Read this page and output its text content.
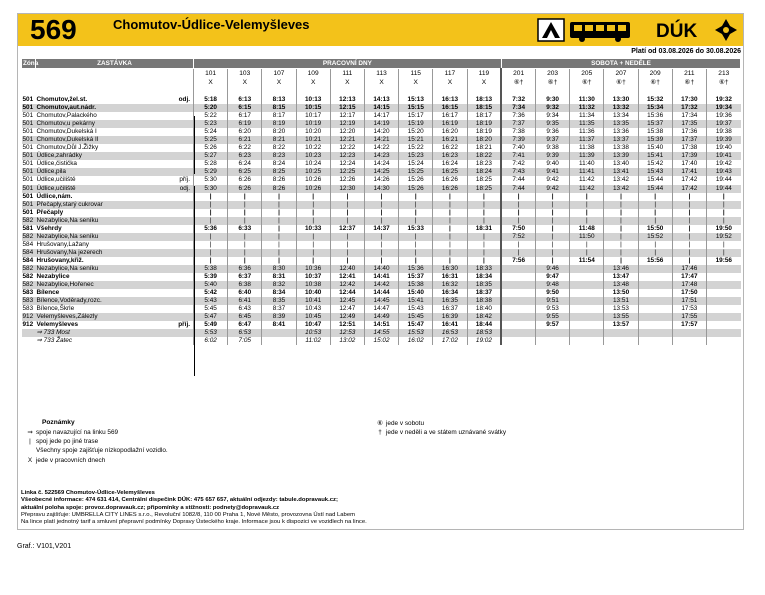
569	Chomutov-Údlice-Velemyšleves	DÚK
Platí od 03.08.2026 do 30.08.2026
Zóna	ZASTÁVKA	PRACOVNÍ DNY									SOBOTA + NEDĚLE						
		101	103	107	109	111	113	115	117	119	201	203	205	207	209	211	213
		X	X	X	X	X	X	X	X	X	⑥†	⑥†	⑥†	⑥†	⑥†	⑥†	⑥†

501	Chomutov,žel.st. odj.	5:18	6:13	8:13	10:13	12:13	14:13	15:13	16:13	18:13	7:32	9:30	11:30	13:30	15:32	17:30	19:32
501	Chomutov,aut.nádr.	5:20	6:15	8:15	10:15	12:15	14:15	15:15	16:15	18:15	7:34	9:32	11:32	13:32	15:34	17:32	19:34
501	Chomutov,Palackého	5:22	6:17	8:17	10:17	12:17	14:17	15:17	16:17	18:17	7:36	9:34	11:34	13:34	15:36	17:34	19:36
501	Chomutov,u pekárny	5:23	6:19	8:19	10:19	12:19	14:19	15:19	16:19	18:19	7:37	9:35	11:35	13:35	15:37	17:35	19:37
501	Chomutov,Dukelská I	5:24	6:20	8:20	10:20	12:20	14:20	15:20	16:20	18:19	7:38	9:36	11:36	13:36	15:38	17:36	19:38
501	Chomutov,Dukelská II	5:25	6:21	8:21	10:21	12:21	14:21	15:21	16:21	18:20	7:39	9:37	11:37	13:37	15:39	17:37	19:39
501	Chomutov,Důl J.Žižky	5:26	6:22	8:22	10:22	12:22	14:22	15:22	16:22	18:21	7:40	9:38	11:38	13:38	15:40	17:38	19:40
501	Údlice,zahrádky	5:27	6:23	8:23	10:23	12:23	14:23	15:23	16:23	18:22	7:41	9:39	11:39	13:39	15:41	17:39	19:41
501	Údlice,čističkа	5:28	6:24	8:24	10:24	12:24	14:24	15:24	16:24	18:23	7:42	9:40	11:40	13:40	15:42	17:40	19:42
501	Údlice,pila	5:29	6:25	8:25	10:25	12:25	14:25	15:25	16:25	18:24	7:43	9:41	11:41	13:41	15:43	17:41	19:43
501	Údlice,učiliště příj.	5:30	6:26	8:26	10:26	12:26	14:26	15:26	16:26	18:25	7:44	9:42	11:42	13:42	15:44	17:42	19:44
501	Údlice,učiliště odj.	5:30	6:26	8:26	10:26	12:30	14:30	15:26	16:26	18:25	7:44	9:42	11:42	13:42	15:44	17:42	19:44
501	Údlice,nám.	|	|	|	|	|	|	|	|	|	|	|	|	|	|	|	|
501	Přečaply,starý cukrovar	|	|	|	|	|	|	|	|	|	|	|	|	|	|	|	|
501	Přečaply	|	|	|	|	|	|	|	|	|	|	|	|	|	|	|	|
582	Nezabylice,Na seníku	|	|	|	|	|	|	|	|	|	|	|	|	|	|	|	|
581	Všehrdy	5:36	6:33	|	10:33	12:37	14:37	15:33	|	18:31	7:50	|	11:48	|	15:50	|	19:50
582	Nezabylice,Na seníku	|	|	|	|	|	|	|	|	|	7:52	|	11:50	|	15:52	|	19:52
584	Hrušovany,Lažany	|	|	|	|	|	|	|	|	|	|	|	|	|	|	|	|
584	Hrušovany,Na jezerech	|	|	|	|	|	|	|	|	|	|	|	|	|	|	|	|
584	Hrušovany,křiž.	|	|	|	|	|	|	|	|	|	7:56	|	11:54	|	15:56	|	19:56
582	Nezabylice,Na seníku	5:38	6:36	8:30	10:36	12:40	14:40	15:36	16:30	18:33		9:46		13:46		17:46	
582	Nezabylice	5:39	6:37	8:31	10:37	12:41	14:41	15:37	16:31	18:34		9:47		13:47		17:47	
582	Nezabylice,Hořenec	5:40	6:38	8:32	10:38	12:42	14:42	15:38	16:32	18:35		9:48		13:48		17:48	
583	Bílence	5:42	6:40	8:34	10:40	12:44	14:44	15:40	16:34	18:37		9:50		13:50		17:50	
583	Bílence,Voděrady,rozc.	5:43	6:41	8:35	10:41	12:45	14:45	15:41	16:35	18:38		9:51		13:51		17:51	
583	Bílence,Škrle	5:45	6:43	8:37	10:43	12:47	14:47	15:43	16:37	18:40		9:53		13:53		17:53	
912	Velemyšleves,Zálezly	5:47	6:45	8:39	10:45	12:49	14:49	15:45	16:39	18:42		9:55		13:55		17:55	
912	Velemyšleves příj.	5:49	6:47	8:41	10:47	12:51	14:51	15:47	16:41	18:44		9:57		13:57		17:57	
	⇒ 733 Most	5:53	6:53		10:53	12:53	14:55	15:53	16:53	18:53							
	⇒ 733 Žatec	6:02	7:05		11:02	13:02	15:02	16:02	17:02	19:02							
Poznámky
⇒ spoje navazující na linku 569
| spoj jede po jiné trase
Všechny spoje zajišťuje nízkopodlažní vozidlo.
X jede v pracovních dnech
⑥ jede v sobotu
† jede v neděli a ve státem uznávané svátky
Linka č. 522569 Chomutov-Údlice-Velemyšleves
Všeobecné informace: 474 631 414, Centrální dispečink DÚK: 475 657 657, aktuální odjezdy: tabule.dopravauk.cz;
aktuální poloha spoje: provoz.dopravauk.cz; připomínky a stížnosti: podnety@dopravauk.cz
Přepravu zajišťuje: UMBRELLA CITY LINES s.r.o., Revoluční 1082/8, 110 00 Praha 1, Nové Město, provozovna Ústí nad Labem
Na lince platí jednotný tarif a smluvní přepravní podmínky Dopravy Ústeckého kraje. Informace jsou k dispozici ve vozidlech na lince.
Graf.: V101,V201
